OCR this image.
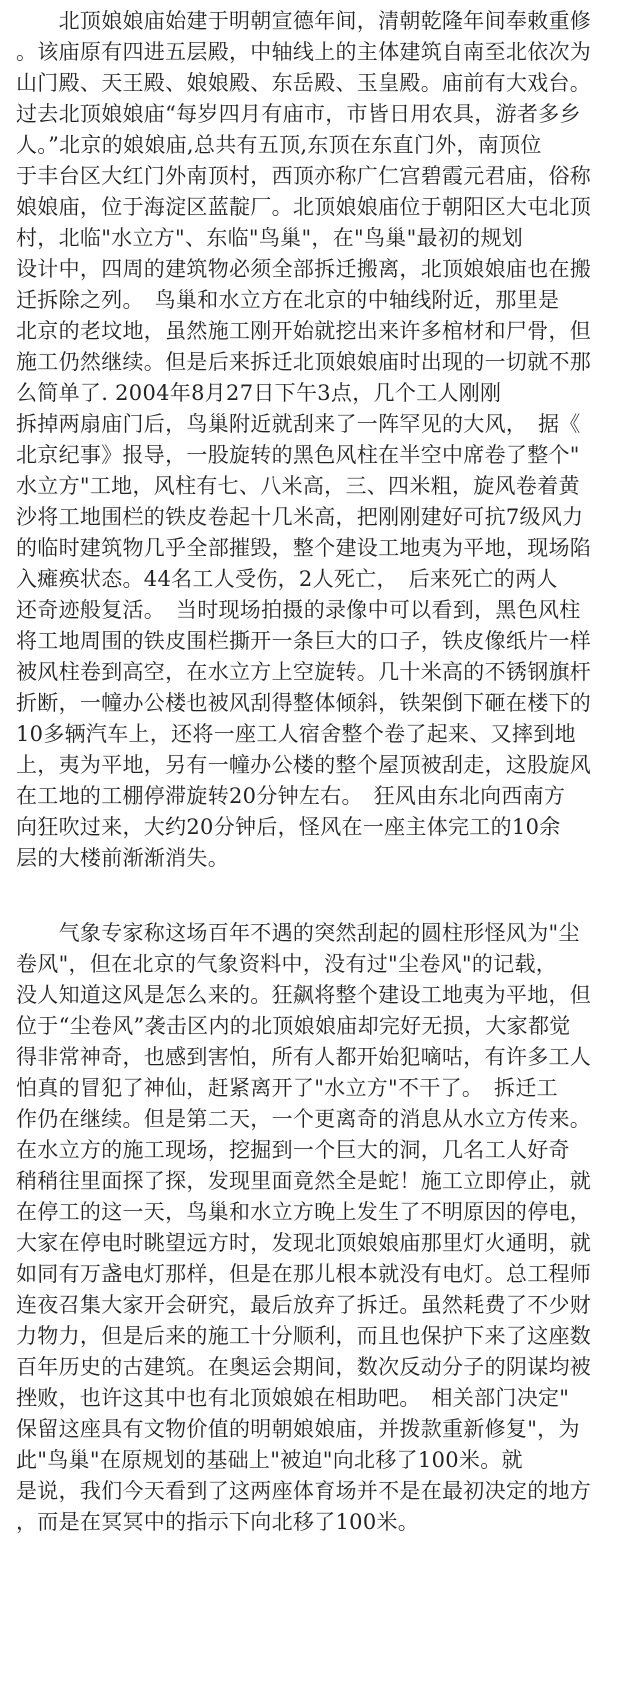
　　北顶娘娘庙始建于明朝宣德年间，清朝乾隆年间奉敕重修
。该庙原有四进五层殿，中轴线上的主体建筑自南至北依次为
山门殿、天王殿、娘娘殿、东岳殿、玉皇殿。庙前有大戏台。
过去北顶娘娘庙“每岁四月有庙市，市皆日用农具，游者多乡
人。”北京的娘娘庙,总共有五顶,东顶在东直门外，南顶位
于丰台区大红门外南顶村，西顶亦称广仁宫碧霞元君庙，俗称
娘娘庙，位于海淀区蓝靛厂。北顶娘娘庙位于朝阳区大屯北顶
村，北临"水立方"、东临"鸟巢"，在"鸟巢"最初的规划
设计中，四周的建筑物必须全部拆迁搬离，北顶娘娘庙也在搬
迁拆除之列。　鸟巢和水立方在北京的中轴线附近，那里是
北京的老坟地，虽然施工刚开始就挖出来许多棺材和尸骨，但
施工仍然继续。但是后来拆迁北顶娘娘庙时出现的一切就不那
么简单了. 2004年8月27日下午3点，几个工人刚刚
拆掉两扇庙门后，鸟巢附近就刮来了一阵罕见的大风，　据《
北京纪事》报导，一股旋转的黑色风柱在半空中席卷了整个"
水立方"工地，风柱有七、八米高，三、四米粗，旋风卷着黄
沙将工地围栏的铁皮卷起十几米高，把刚刚建好可抗7级风力
的临时建筑物几乎全部摧毁，整个建设工地夷为平地，现场陷
入瘫痪状态。44名工人受伤，2人死亡，　后来死亡的两人
还奇迹般复活。　当时现场拍摄的录像中可以看到，黑色风柱
将工地周围的铁皮围栏撕开一条巨大的口子，铁皮像纸片一样
被风柱卷到高空，在水立方上空旋转。几十米高的不锈钢旗杆
折断，一幢办公楼也被风刮得整体倾斜，铁架倒下砸在楼下的
10多辆汽车上，还将一座工人宿舍整个卷了起来、又摔到地
上，夷为平地，另有一幢办公楼的整个屋顶被刮走，这股旋风
在工地的工棚停滞旋转20分钟左右。　狂风由东北向西南方
向狂吹过来，大约20分钟后，怪风在一座主体完工的10余
层的大楼前渐渐消失。
　　气象专家称这场百年不遇的突然刮起的圆柱形怪风为"尘
卷风"，但在北京的气象资料中，没有过"尘卷风"的记载，
没人知道这风是怎么来的。狂飙将整个建设工地夷为平地，但
位于“尘卷风”袭击区内的北顶娘娘庙却完好无损，大家都觉
得非常神奇，也感到害怕，所有人都开始犯嘀咕，有许多工人
怕真的冒犯了神仙，赶紧离开了"水立方"不干了。　拆迁工
作仍在继续。但是第二天，一个更离奇的消息从水立方传来。
在水立方的施工现场，挖掘到一个巨大的洞，几名工人好奇
稍稍往里面探了探，发现里面竟然全是蛇！施工立即停止，就
在停工的这一天，鸟巢和水立方晚上发生了不明原因的停电，
大家在停电时眺望远方时，发现北顶娘娘庙那里灯火通明，就
如同有万盏电灯那样，但是在那儿根本就没有电灯。总工程师
连夜召集大家开会研究，最后放弃了拆迁。虽然耗费了不少财
力物力，但是后来的施工十分顺利，而且也保护下来了这座数
百年历史的古建筑。在奥运会期间，数次反动分子的阴谋均被
挫败，也许这其中也有北顶娘娘在相助吧。　相关部门决定"
保留这座具有文物价值的明朝娘娘庙，并拨款重新修复"，为
此"鸟巢"在原规划的基础上"被迫"向北移了100米。就
是说，我们今天看到了这两座体育场并不是在最初决定的地方
，而是在冥冥中的指示下向北移了100米。
